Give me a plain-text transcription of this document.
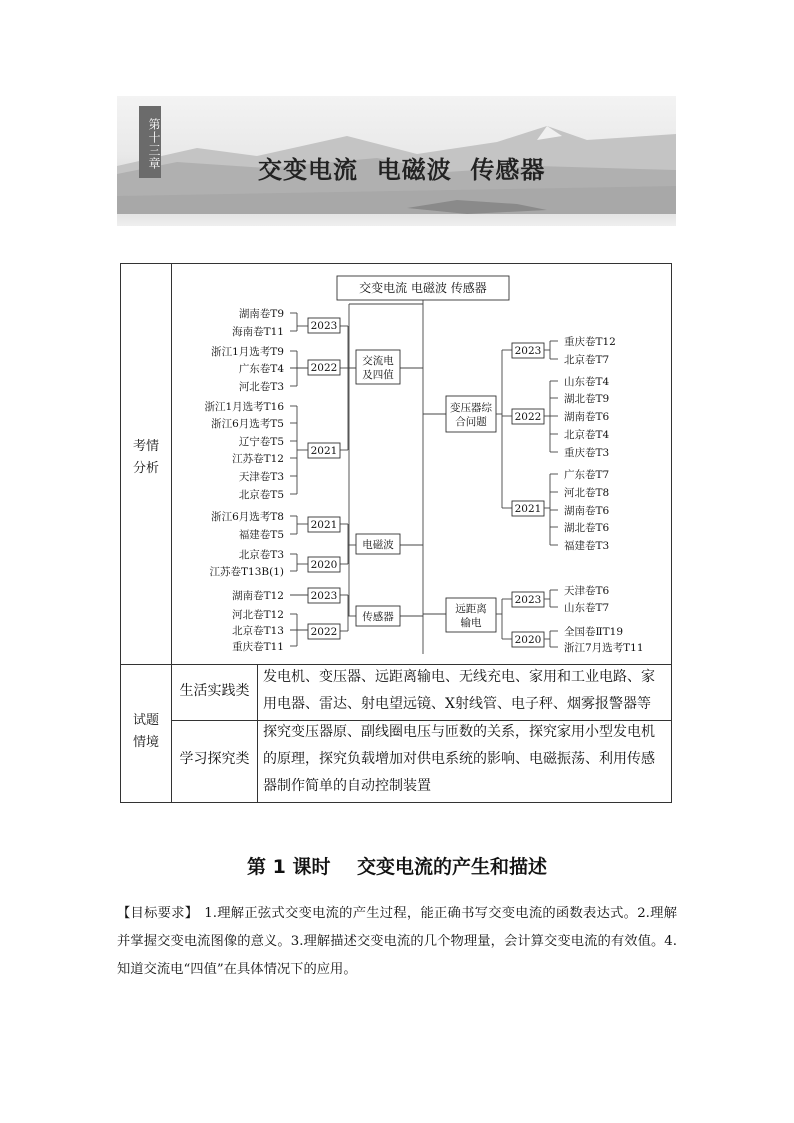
第十三章	交变电流  电磁波  传感器
考情分析
试题情境
生活实践类
学习探究类
发电机、变压器、远距离输电、无线充电、家用和工业电路、家用电器、雷达、射电望远镜、X射线管、电子秤、烟雾报警器等
探究变压器原、副线圈电压与匝数的关系，探究家用小型发电机的原理，探究负载增加对供电系统的影响、电磁振荡、利用传感器制作简单的自动控制装置
交变电流 电磁波 传感器
交流电
及四值
电磁波
传感器
变压器综
合问题
远距离
输电
2023
2022
2021
2021
2020
2023
2022
2023
2022
2021
2023
2020
湖南卷T9
海南卷T11
浙江1月选考T9
广东卷T4
河北卷T3
浙江1月选考T16
浙江6月选考T5
辽宁卷T5
江苏卷T12
天津卷T3
北京卷T5
浙江6月选考T8
福建卷T5
北京卷T3
江苏卷T13B(1)
湖南卷T12
河北卷T12
北京卷T13
重庆卷T11
重庆卷T12
北京卷T7
山东卷T4
湖北卷T9
湖南卷T6
北京卷T4
重庆卷T3
广东卷T7
河北卷T8
湖南卷T6
湖北卷T6
福建卷T3
天津卷T6
山东卷T7
全国卷ⅡT19
浙江7月选考T11
第 1 课时    交变电流的产生和描述
【目标要求】 1.理解正弦式交变电流的产生过程，能正确书写交变电流的函数表达式。2.理解并掌握交变电流图像的意义。3.理解描述交变电流的几个物理量，会计算交变电流的有效值。4.知道交流电“四值”在具体情况下的应用。
